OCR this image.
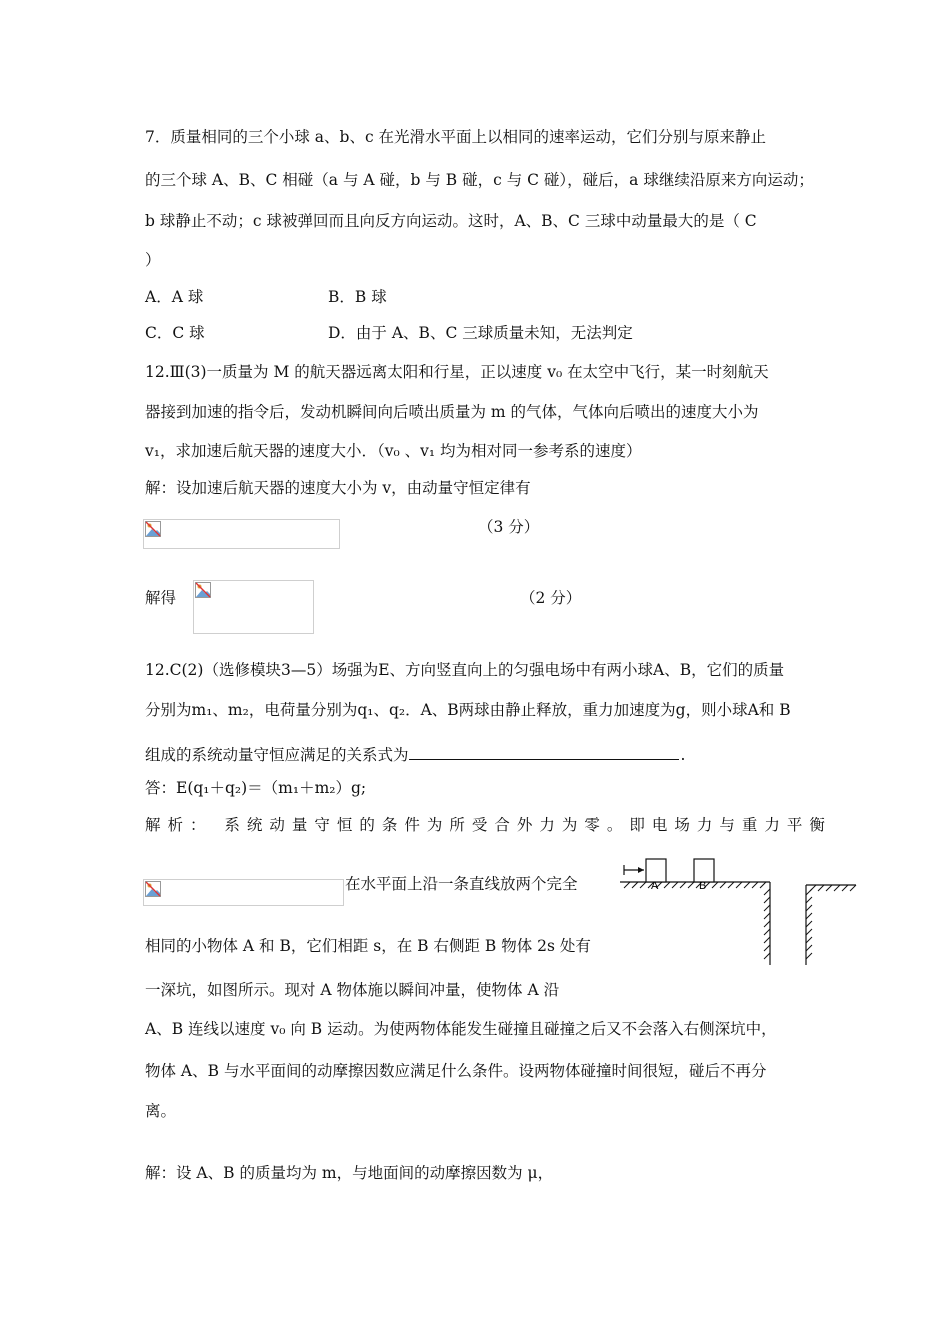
7．质量相同的三个小球 a、b、c 在光滑水平面上以相同的速率运动，它们分别与原来静止
的三个球 A、B、C 相碰（a 与 A 碰，b 与 B 碰，c 与 C 碰），碰后，a 球继续沿原来方向运动；
b 球静止不动；c 球被弹回而且向反方向运动。这时，A、B、C 三球中动量最大的是（ C
）
A．A 球	B．B 球
C．C 球	D．由于 A、B、C 三球质量未知，无法判定
12.Ⅲ(3)一质量为 M 的航天器远离太阳和行星，正以速度 v₀ 在太空中飞行，某一时刻航天
器接到加速的指令后，发动机瞬间向后喷出质量为 m 的气体，气体向后喷出的速度大小为
v₁，求加速后航天器的速度大小．（v₀ 、v₁ 均为相对同一参考系的速度）
解：设加速后航天器的速度大小为 v，由动量守恒定律有
（3 分）
解得	（2 分）
12.C(2)（选修模块3—5）场强为E、方向竖直向上的匀强电场中有两小球A、B，它们的质量
分别为m₁、m₂，电荷量分别为q₁、q₂．A、B两球由静止释放，重力加速度为g，则小球A和 B
组成的系统动量守恒应满足的关系式为	.
答：E(q₁＋q₂)＝（m₁＋m₂）g;
解析： 系统动量守恒的条件为所受合外力为零。即电场力与重力平衡
在水平面上沿一条直线放两个完全
相同的小物体 A 和 B，它们相距 s，在 B 右侧距 B 物体 2s 处有
一深坑，如图所示。现对 A 物体施以瞬间冲量，使物体 A 沿
A、B 连线以速度 v₀ 向 B 运动。为使两物体能发生碰撞且碰撞之后又不会落入右侧深坑中，
物体 A、B 与水平面间的动摩擦因数应满足什么条件。设两物体碰撞时间很短，碰后不再分
离。
解：设 A、B 的质量均为 m，与地面间的动摩擦因数为 μ，
A	B
